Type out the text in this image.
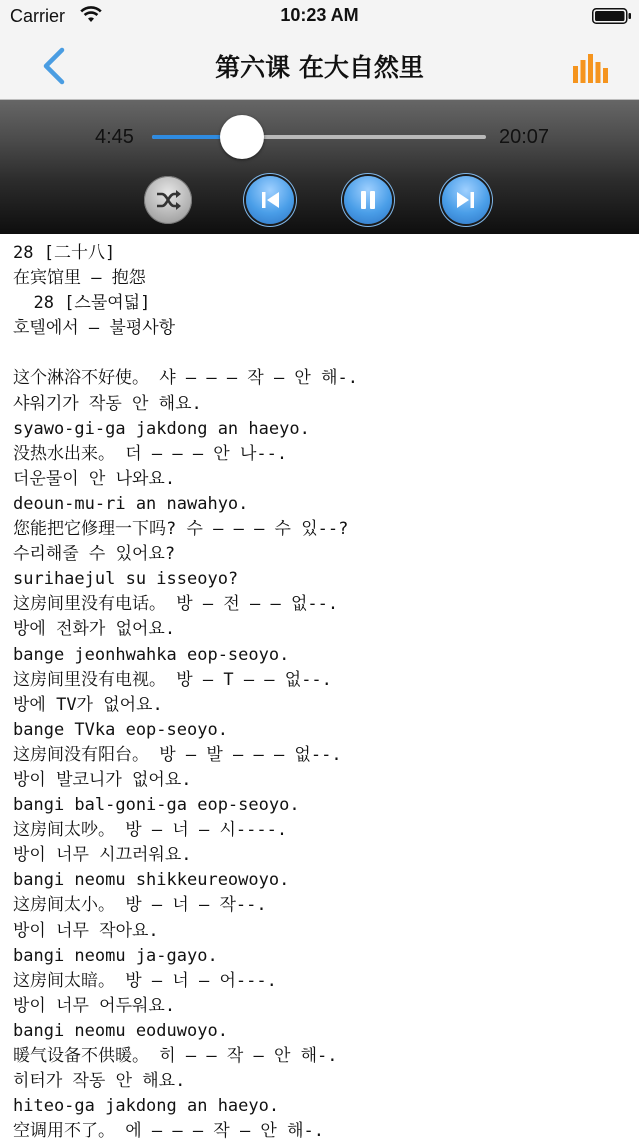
Carrier	10:23 AM
第六课 在大自然里
4:45	20:07
28 [二十八]
在宾馆里 — 抱怨
28 [스물여덟]
호텔에서 — 불평사항
这个淋浴不好使。 샤 — — — 작 — 안 해-.
샤워기가 작동 안 해요.
syawo-gi-ga jakdong an haeyo.
没热水出来。 더 — — — 안 나--.
더운물이 안 나와요.
deoun-mu-ri an nawahyo.
您能把它修理一下吗? 수 — — — 수 있--?
수리해줄 수 있어요?
surihaejul su isseoyo?
这房间里没有电话。 방 — 전 — — 없--.
방에 전화가 없어요.
bange jeonhwahka eop-seoyo.
这房间里没有电视。 방 — T — — 없--.
방에 TV가 없어요.
bange TVka eop-seoyo.
这房间没有阳台。 방 — 발 — — — 없--.
방이 발코니가 없어요.
bangi bal-goni-ga eop-seoyo.
这房间太吵。 방 — 너 — 시----.
방이 너무 시끄러워요.
bangi neomu shikkeureowoyo.
这房间太小。 방 — 너 — 작--.
방이 너무 작아요.
bangi neomu ja-gayo.
这房间太暗。 방 — 너 — 어---.
방이 너무 어두워요.
bangi neomu eoduwoyo.
暖气设备不供暖。 히 — — 작 — 안 해-.
히터가 작동 안 해요.
hiteo-ga jakdong an haeyo.
空调用不了。 에 — — — 작 — 안 해-.
